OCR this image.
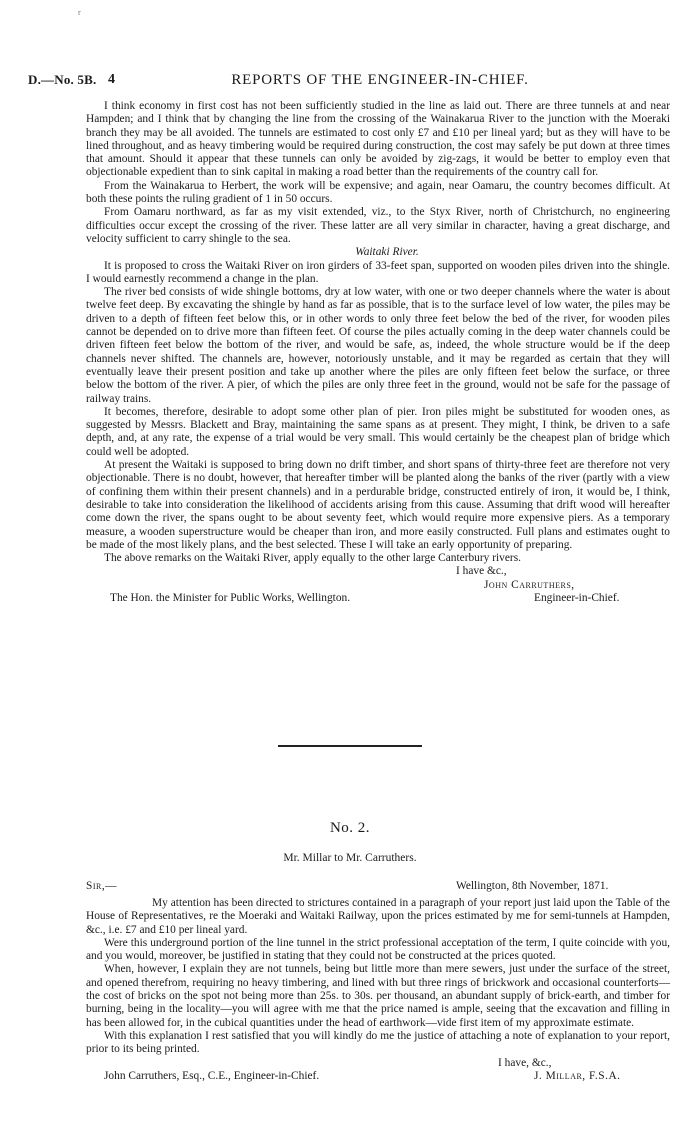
r
D.—No. 5B. 4	REPORTS OF THE ENGINEER-IN-CHIEF.

I think economy in first cost has not been sufficiently studied in the line as laid out. There are three tunnels at and near Hampden; and I think that by changing the line from the crossing of the Wainakarua River to the junction with the Moeraki branch they may be all avoided. The tunnels are estimated to cost only £7 and £10 per lineal yard; but as they will have to be lined throughout, and as heavy timbering would be required during construction, the cost may safely be put down at three times that amount. Should it appear that these tunnels can only be avoided by zig-zags, it would be better to employ even that objectionable expedient than to sink capital in making a road better than the requirements of the country call for.

From the Wainakarua to Herbert, the work will be expensive; and again, near Oamaru, the country becomes difficult. At both these points the ruling gradient of 1 in 50 occurs.

From Oamaru northward, as far as my visit extended, viz., to the Styx River, north of Christchurch, no engineering difficulties occur except the crossing of the river. These latter are all very similar in character, having a great discharge, and velocity sufficient to carry shingle to the sea.

Waitaki River.

It is proposed to cross the Waitaki River on iron girders of 33-feet span, supported on wooden piles driven into the shingle. I would earnestly recommend a change in the plan.

The river bed consists of wide shingle bottoms, dry at low water, with one or two deeper channels where the water is about twelve feet deep. By excavating the shingle by hand as far as possible, that is to the surface level of low water, the piles may be driven to a depth of fifteen feet below this, or in other words to only three feet below the bed of the river, for wooden piles cannot be depended on to drive more than fifteen feet. Of course the piles actually coming in the deep water channels could be driven fifteen feet below the bottom of the river, and would be safe, as, indeed, the whole structure would be if the deep channels never shifted. The channels are, however, notoriously unstable, and it may be regarded as certain that they will eventually leave their present position and take up another where the piles are only fifteen feet below the surface, or three below the bottom of the river. A pier, of which the piles are only three feet in the ground, would not be safe for the passage of railway trains.

It becomes, therefore, desirable to adopt some other plan of pier. Iron piles might be substituted for wooden ones, as suggested by Messrs. Blackett and Bray, maintaining the same spans as at present. They might, I think, be driven to a safe depth, and, at any rate, the expense of a trial would be very small. This would certainly be the cheapest plan of bridge which could well be adopted.

At present the Waitaki is supposed to bring down no drift timber, and short spans of thirty-three feet are therefore not very objectionable. There is no doubt, however, that hereafter timber will be planted along the banks of the river (partly with a view of confining them within their present channels) and in a perdurable bridge, constructed entirely of iron, it would be, I think, desirable to take into consideration the likelihood of accidents arising from this cause. Assuming that drift wood will hereafter come down the river, the spans ought to be about seventy feet, which would require more expensive piers. As a temporary measure, a wooden superstructure would be cheaper than iron, and more easily constructed. Full plans and estimates ought to be made of the most likely plans, and the best selected. These I will take an early opportunity of preparing.

The above remarks on the Waitaki River, apply equally to the other large Canterbury rivers.

I have &c.,
John Carruthers,
The Hon. the Minister for Public Works, Wellington.	Engineer-in-Chief.
No. 2.
Mr. Millar to Mr. Carruthers.
Sir,—	Wellington, 8th November, 1871.

My attention has been directed to strictures contained in a paragraph of your report just laid upon the Table of the House of Representatives, re the Moeraki and Waitaki Railway, upon the prices estimated by me for semi-tunnels at Hampden, &c., i.e. £7 and £10 per lineal yard.

Were this underground portion of the line tunnel in the strict professional acceptation of the term, I quite coincide with you, and you would, moreover, be justified in stating that they could not be constructed at the prices quoted.

When, however, I explain they are not tunnels, being but little more than mere sewers, just under the surface of the street, and opened therefrom, requiring no heavy timbering, and lined with but three rings of brickwork and occasional counterforts—the cost of bricks on the spot not being more than 25s. to 30s. per thousand, an abundant supply of brick-earth, and timber for burning, being in the locality—you will agree with me that the price named is ample, seeing that the excavation and filling in has been allowed for, in the cubical quantities under the head of earthwork—vide first item of my approximate estimate.

With this explanation I rest satisfied that you will kindly do me the justice of attaching a note of explanation to your report, prior to its being printed.

I have, &c.,
John Carruthers, Esq., C.E., Engineer-in-Chief.	J. Millar, F.S.A.
